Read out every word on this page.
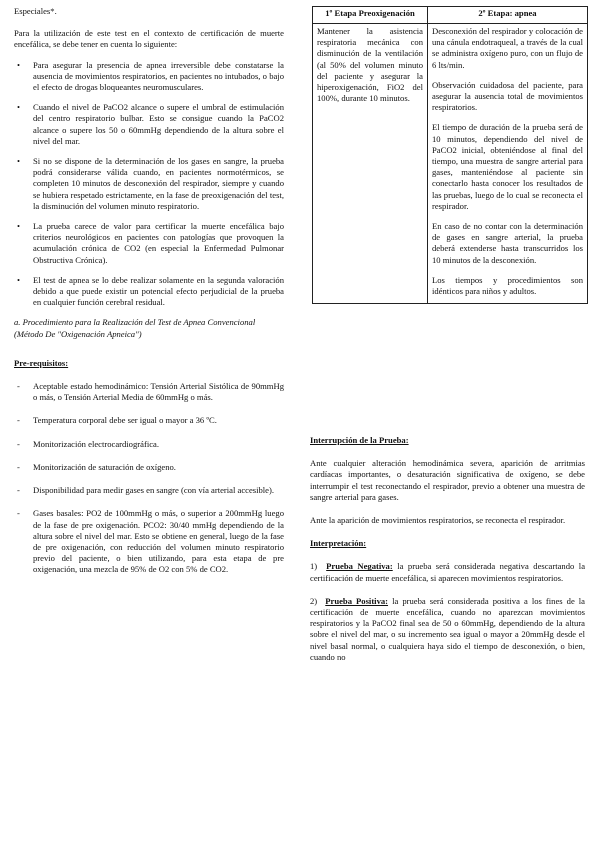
Especiales*.

Para la utilización de este test en el contexto de certificación de muerte encefálica, se debe tener en cuenta lo siguiente:

•	Para asegurar la presencia de apnea irreversible debe constatarse la ausencia de movimientos respiratorios, en pacientes no intubados, o bajo el efecto de drogas bloqueantes neuromusculares.
•	Cuando el nivel de PaCO2 alcance o supere el umbral de estimulación del centro respiratorio bulbar. Esto se consigue cuando la PaCO2 alcance o supere los 50 o 60mmHg dependiendo de la altura sobre el nivel del mar.
•	Si no se dispone de la determinación de los gases en sangre, la prueba podrá considerarse válida cuando, en pacientes normotérmicos, se completen 10 minutos de desconexión del respirador, siempre y cuando se hubiera respetado estrictamente, en la fase de preoxigenación del test, la disminución del volumen minuto respiratorio.
•	La prueba carece de valor para certificar la muerte encefálica bajo criterios neurológicos en pacientes con patologías que provoquen la acumulación crónica de CO2 (en especial la Enfermedad Pulmonar Obstructiva Crónica).
•	El test de apnea se lo debe realizar solamente en la segunda valoración debido a que puede existir un potencial efecto perjudicial de la prueba en cualquier función cerebral residual.

a. Procedimiento para la Realización del Test de Apnea Convencional

(Método De "Oxigenación Apneica")

Pre-requisitos:

-	Aceptable estado hemodinámico: Tensión Arterial Sistólica de 90mmHg o más, o Tensión Arterial Media de 60mmHg o más.
-	Temperatura corporal debe ser igual o mayor a 36 ºC.
-	Monitorización electrocardiográfica.
-	Monitorización de saturación de oxígeno.
-	Disponibilidad para medir gases en sangre (con vía arterial accesible).
-	Gases basales: PO2 de 100mmHg o más, o superior a 200mmHg luego de la fase de pre oxigenación. PCO2: 30/40 mmHg dependiendo de la altura sobre el nivel del mar. Esto se obtiene en general, luego de la fase de pre oxigenación, con reducción del volumen minuto respiratorio previo del paciente, o bien utilizando, para esta etapa de pre oxigenación, una mezcla de 95% de O2 con 5% de CO2.
1º Etapa Preoxigenación	2º Etapa: apnea

Mantener la asistencia respiratoria mecánica con disminución de la ventilación (al 50% del volumen minuto del paciente y asegurar la hiperoxigenación, FiO2 del 100%, durante 10 minutos.	Desconexión del respirador y colocación de una cánula endotraqueal, a través de la cual se administra oxígeno puro, con un flujo de 6 lts/min.

Observación cuidadosa del paciente, para asegurar la ausencia total de movimientos respiratorios.

El tiempo de duración de la prueba será de 10 minutos, dependiendo del nivel de PaCO2 inicial, obteniéndose al final del tiempo, una muestra de sangre arterial para gases, manteniéndose al paciente sin conectarlo hasta conocer los resultados de las pruebas, luego de lo cual se reconecta el respirador.

En caso de no contar con la determinación de gases en sangre arterial, la prueba deberá extenderse hasta transcurridos los 10 minutos de la desconexión.

Los tiempos y procedimientos son idénticos para niños y adultos.

Interrupción de la Prueba:

Ante cualquier alteración hemodinámica severa, aparición de arritmias cardíacas importantes, o desaturación significativa de oxígeno, se debe interrumpir el test reconectando el respirador, previo a obtener una muestra de sangre arterial para gases.

Ante la aparición de movimientos respiratorios, se reconecta el respirador.

Interpretación:

1) Prueba Negativa: la prueba será considerada negativa descartando la certificación de muerte encefálica, si aparecen movimientos respiratorios.

2) Prueba Positiva: la prueba será considerada positiva a los fines de la certificación de muerte encefálica, cuando no aparezcan movimientos respiratorios y la PaCO2 final sea de 50 o 60mmHg, dependiendo de la altura sobre el nivel del mar, o su incremento sea igual o mayor a 20mmHg desde el nivel basal normal, o cualquiera haya sido el tiempo de desconexión, o bien, cuando no
